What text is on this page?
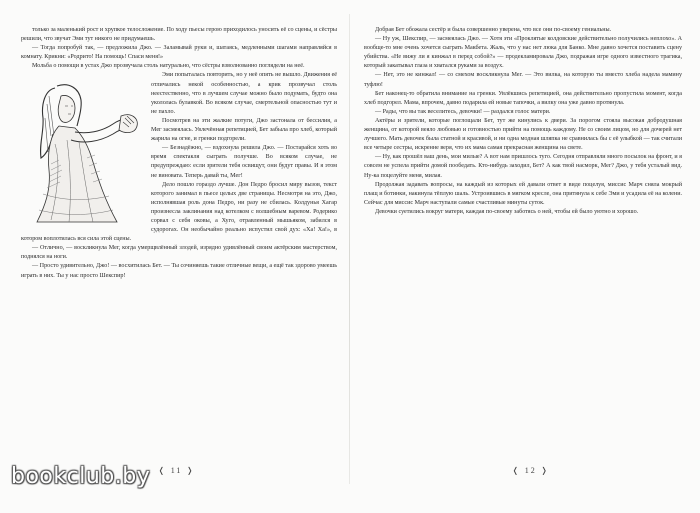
только за маленький рост и хрупкое телосложение. По ходу пьесы герою приходилось уносить её со сцены, и сёстры решили, что звучат Эми тут никого не придумаешь.

— Тогда попробуй так, — предложила Джо. — Заламывай руки и, шатаясь, медленными шагами направляйся в комнату. Крикни: «Родрито! На помощь! Спаси меня!»

Мольба о помощи в устах Джо прозвучала столь натурально, что сёстры взволнованно поглядели на неё.

Эми попыталась повторить, но у неё опять не вышло. Движения её отличались некой особенностью, а крик прозвучал столь неестественно, что в лучшем случае можно было подумать, будто она укололась булавкой. Во всяком случае, смертельной опасностью тут и не пахло.

Посмотрев на эти жалкие потуги, Джо застонала от бессилия, а Мег засмеялась. Увлечённая репетицией, Бет забыла про хлеб, который жарила на огне, и гренки подгорели.

— Безнадёжно, — вздохнула решила Джо. — Постарайся хоть во время спектакля сыграть получше. Во всяком случае, не предупреждаю: если зрители тебя освищут, они будут правы. И я этом не виновата. Теперь давай ты, Мег!

Дело пошло гораздо лучше. Дон Педро бросил миру вызов, текст которого занимал в пьесе целых две страницы. Несмотря на это, Джо, исполнявшая роль дона Педро, ни разу не сбилась. Колдунья Хагар произнесла заклинания над котелком с волшебным варевом. Родерико сорвал с себя оковы, а Хуго, отравленный мышьяком, забился в судорогах. Он необычайно реально испустил свой дух: «Ха! Ха!», в котором воплотилась вся сила этой сцены.

— Отлично, — воскликнула Мег, когда умерщвлённый злодей, изрядно удивлённый своим актёрским мастерством, поднялся на ноги.

— Просто удивительно, Джо! — восхитилась Бет. — Ты сочиняешь такие отличные вещи, а ещё так здорово умеешь играть в них. Ты у нас просто Шекспир!

Добрая Бет обожала сестёр и была совершенно уверена, что все они по-своему гениальны.

— Ну уж, Шекспир, — засмеялась Джо. — Хотя эти «Проклятые колдовские действительно получились неплохо». А вообще-то мне очень хочется сыграть Макбета. Жаль, что у нас нет люка для Банко. Мне давно хочется поставить сцену убийства. «Не вижу ли я кинжал в перед собой?» — продекламировала Джо, подражая игре одного известного трагика, который закатывал глаза и хватался руками за воздух.

— Нет, это не кинжал! — со смехом воскликнула Мег. — Это вилка, на которую ты вместо хлеба надела мамину туфлю!

Бет наконец-то обратила внимание на гренки. Увлёкшись репетицией, она действительно пропустила момент, когда хлеб подгорел. Мама, впрочем, давно подарила ей новые тапочки, а вилку она уже давно протянула.

— Рады, что вы так веселитесь, девочки! — раздался голос матери.

Актёры и зрители, которые поглощали Бет, тут же кинулись к двери. За порогом стояла высокая добродушная женщина, от которой веяло любовью и готовностью прийти на помощь каждому. Не со своим лицом, но для дочерей нет лучшего. Мать девочек была статной и красивой, и ни одна модная шляпка не сравнилась бы с её улыбкой — так считали все четыре сестры, искренне веря, что их мама самая прекрасная женщина на свете.

— Ну, как прошёл ваш день, мои милые? А вот нам пришлось туго. Сегодня отправляли много посылок на фронт, и я совсем не успела прийти домой пообедать. Кто-нибудь заходил, Бет? А как твой насморк, Мег? Джо, у тебя усталый вид. Ну-ка поцелуйте меня, милая.

Продолжая задавать вопросы, на каждый из которых ей давали ответ в виде поцелуя, миссис Марч сняла мокрый плащ и ботинки, накинула тёплую шаль. Устроившись в мягком кресле, она притянула к себе Эми и усадила её на колени. Сейчас для миссис Марч наступали самые счастливые минуты суток.

Девочки суетились вокруг матери, каждая по-своему заботясь о ней, чтобы ей было уютно и хорошо.

❬ 11 ❭	❬ 12 ❭
bookclub.by
